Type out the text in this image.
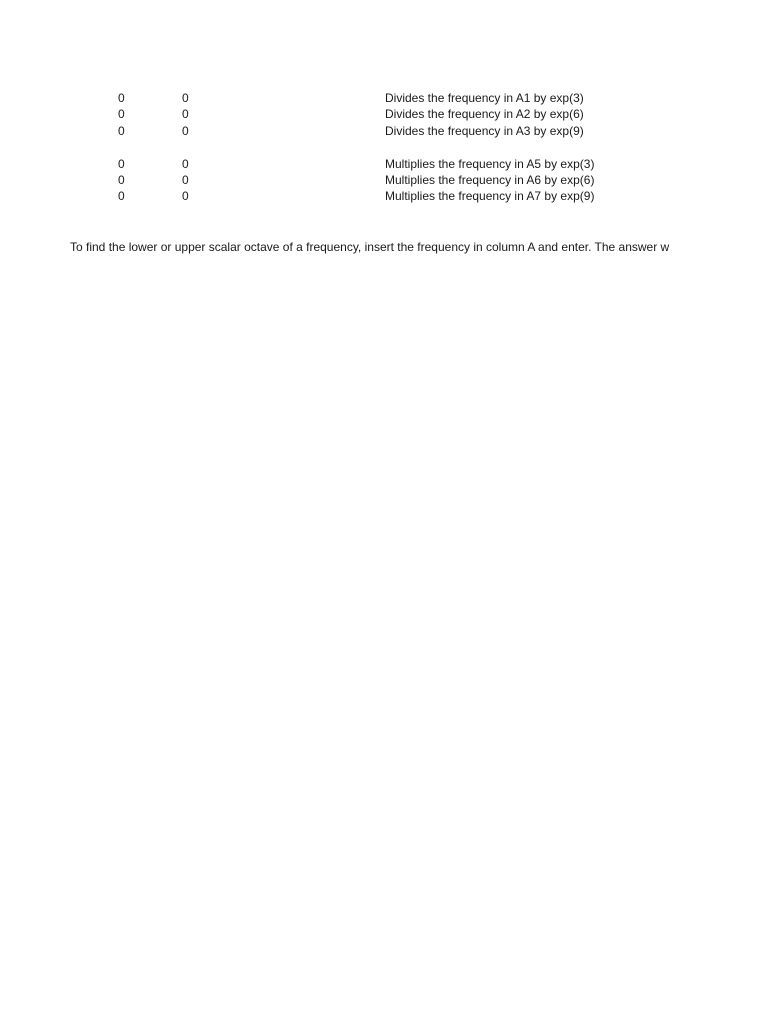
0	0	Divides the frequency in A1 by exp(3)
0	0	Divides the frequency in A2 by exp(6)
0	0	Divides the frequency in A3 by exp(9)
0	0	Multiplies the frequency in A5 by exp(3)
0	0	Multiplies the frequency in A6 by exp(6)
0	0	Multiplies the frequency in A7 by exp(9)
To find the lower or upper scalar octave of a frequency, insert the frequency in column A and enter. The answer w
